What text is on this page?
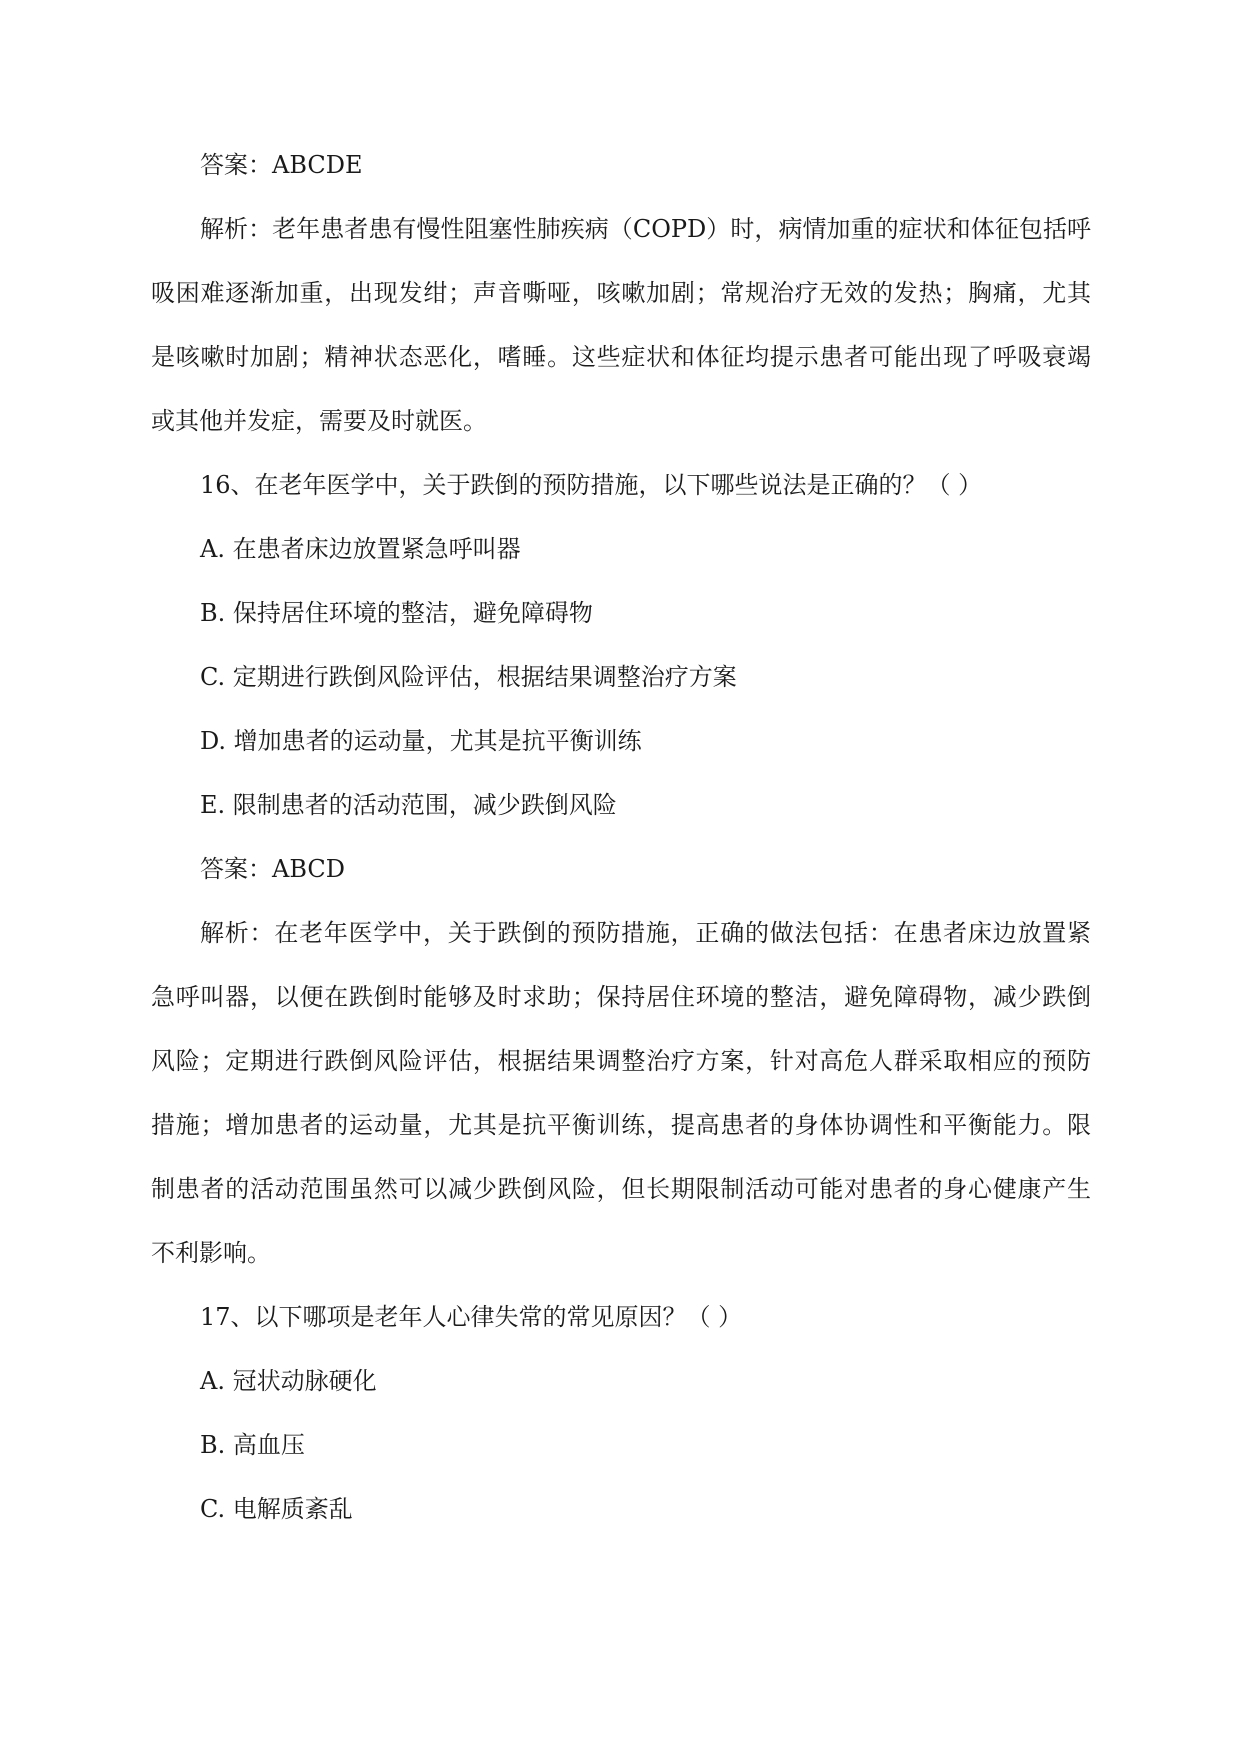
答案：ABCDE
解析：老年患者患有慢性阻塞性肺疾病（COPD）时，病情加重的症状和体征包括呼
吸困难逐渐加重，出现发绀；声音嘶哑，咳嗽加剧；常规治疗无效的发热；胸痛，尤其
是咳嗽时加剧；精神状态恶化，嗜睡。这些症状和体征均提示患者可能出现了呼吸衰竭
或其他并发症，需要及时就医。
16、在老年医学中，关于跌倒的预防措施，以下哪些说法是正确的？（ ）
A. 在患者床边放置紧急呼叫器
B. 保持居住环境的整洁，避免障碍物
C. 定期进行跌倒风险评估，根据结果调整治疗方案
D. 增加患者的运动量，尤其是抗平衡训练
E. 限制患者的活动范围，减少跌倒风险
答案：ABCD
解析：在老年医学中，关于跌倒的预防措施，正确的做法包括：在患者床边放置紧
急呼叫器，以便在跌倒时能够及时求助；保持居住环境的整洁，避免障碍物，减少跌倒
风险；定期进行跌倒风险评估，根据结果调整治疗方案，针对高危人群采取相应的预防
措施；增加患者的运动量，尤其是抗平衡训练，提高患者的身体协调性和平衡能力。限
制患者的活动范围虽然可以减少跌倒风险，但长期限制活动可能对患者的身心健康产生
不利影响。
17、以下哪项是老年人心律失常的常见原因？（ ）
A. 冠状动脉硬化
B. 高血压
C. 电解质紊乱
